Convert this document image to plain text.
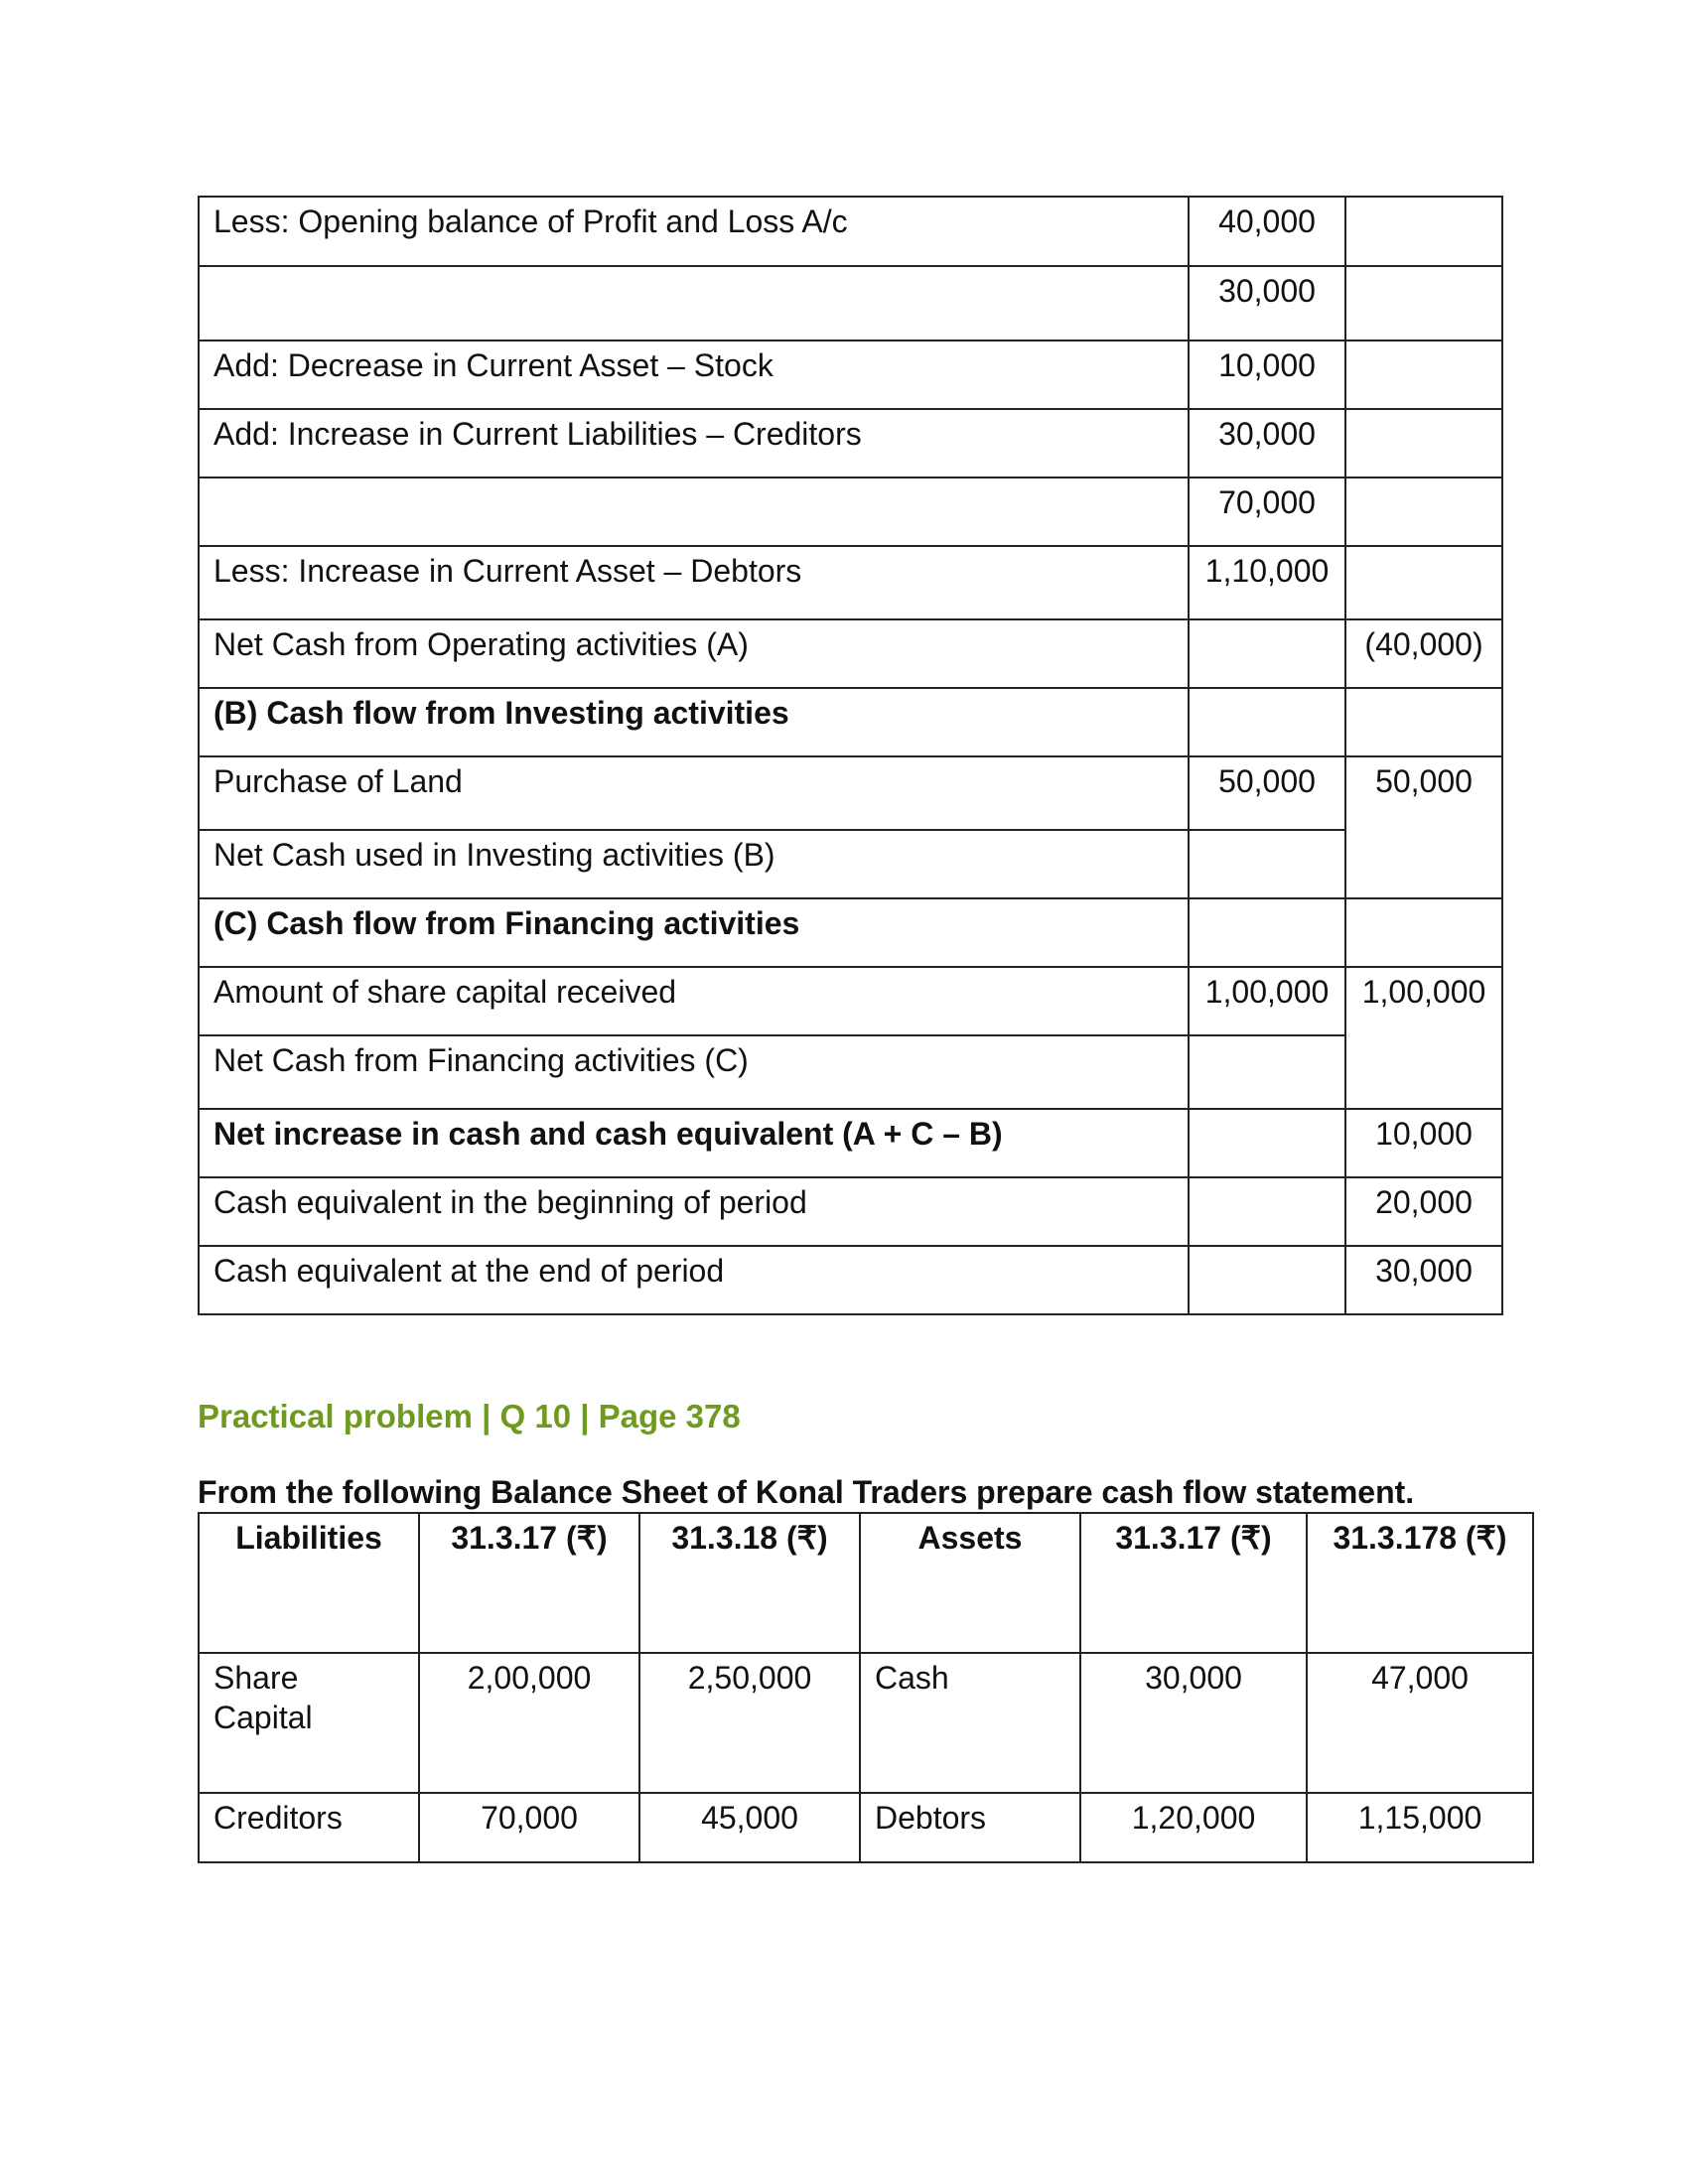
Less: Opening balance of Profit and Loss A/c	40,000	
	30,000	
Add: Decrease in Current Asset – Stock	10,000	
Add: Increase in Current Liabilities – Creditors	30,000	
	70,000	
Less: Increase in Current Asset – Debtors	1,10,000	
Net Cash from Operating activities (A)		(40,000)
(B) Cash flow from Investing activities		
Purchase of Land	50,000	50,000
Net Cash used in Investing activities (B)		
(C) Cash flow from Financing activities		
Amount of share capital received	1,00,000	1,00,000
Net Cash from Financing activities (C)		
Net increase in cash and cash equivalent (A + C – B)		10,000
Cash equivalent in the beginning of period		20,000
Cash equivalent at the end of period		30,000
Practical problem | Q 10 | Page 378
From the following Balance Sheet of Konal Traders prepare cash flow statement.
Liabilities	31.3.17 (₹)	31.3.18 (₹)	Assets	31.3.17 (₹)	31.3.178 (₹)
Share Capital	2,00,000	2,50,000	Cash	30,000	47,000
Creditors	70,000	45,000	Debtors	1,20,000	1,15,000
